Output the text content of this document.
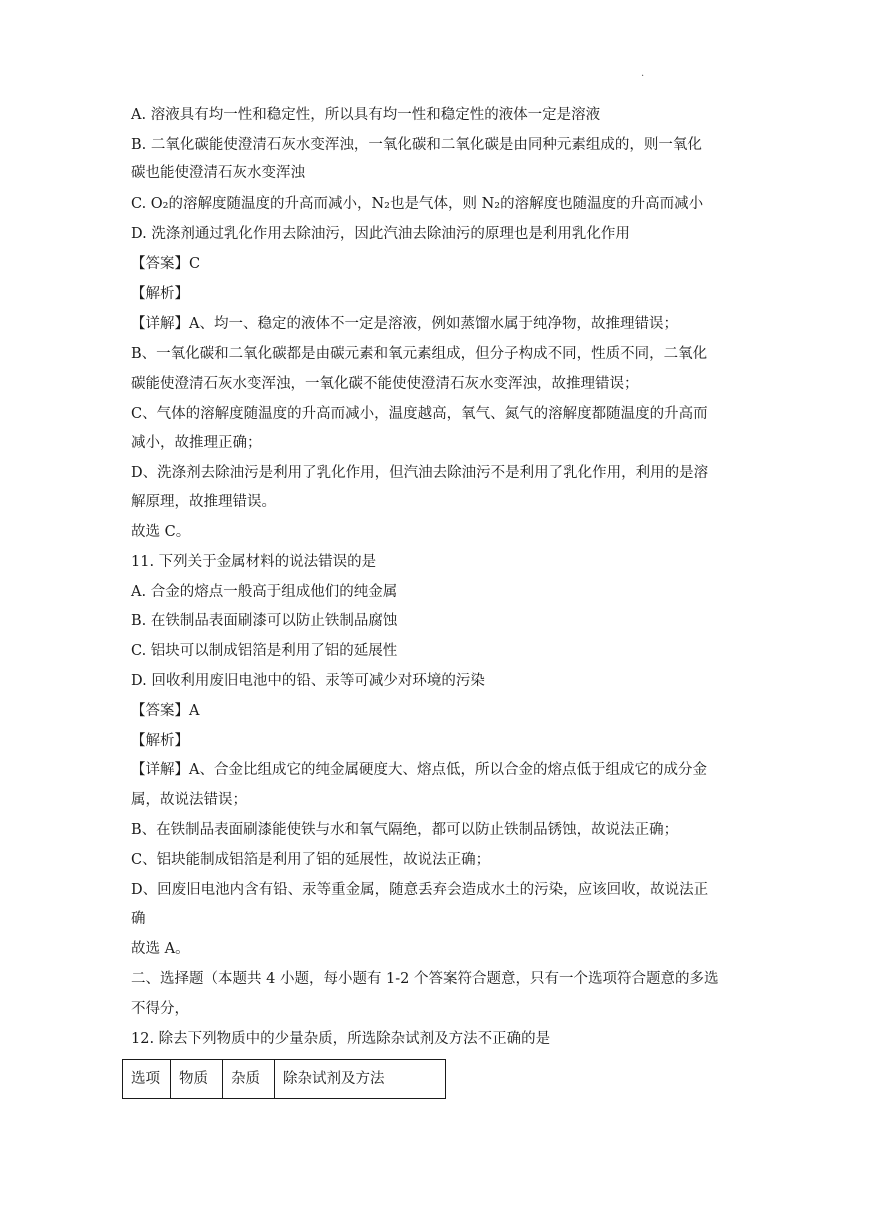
.
A. 溶液具有均一性和稳定性，所以具有均一性和稳定性的液体一定是溶液
B. 二氧化碳能使澄清石灰水变浑浊，一氧化碳和二氧化碳是由同种元素组成的，则一氧化
碳也能使澄清石灰水变浑浊
C. O₂的溶解度随温度的升高而减小，N₂也是气体，则 N₂的溶解度也随温度的升高而减小
D. 洗涤剂通过乳化作用去除油污，因此汽油去除油污的原理也是利用乳化作用
【答案】C
【解析】
【详解】A、均一、稳定的液体不一定是溶液，例如蒸馏水属于纯净物，故推理错误；
B、一氧化碳和二氧化碳都是由碳元素和氧元素组成，但分子构成不同，性质不同，二氧化
碳能使澄清石灰水变浑浊，一氧化碳不能使使澄清石灰水变浑浊，故推理错误；
C、气体的溶解度随温度的升高而减小，温度越高，氧气、氮气的溶解度都随温度的升高而
减小，故推理正确；
D、洗涤剂去除油污是利用了乳化作用，但汽油去除油污不是利用了乳化作用，利用的是溶
解原理，故推理错误。
故选 C。
11. 下列关于金属材料的说法错误的是
A. 合金的熔点一般高于组成他们的纯金属
B. 在铁制品表面刷漆可以防止铁制品腐蚀
C. 铝块可以制成铝箔是利用了铝的延展性
D. 回收利用废旧电池中的铅、汞等可减少对环境的污染
【答案】A
【解析】
【详解】A、合金比组成它的纯金属硬度大、熔点低，所以合金的熔点低于组成它的成分金
属，故说法错误；
B、在铁制品表面刷漆能使铁与水和氧气隔绝，都可以防止铁制品锈蚀，故说法正确；
C、铝块能制成铝箔是利用了铝的延展性，故说法正确；
D、回废旧电池内含有铅、汞等重金属，随意丢弃会造成水土的污染，应该回收，故说法正
确
故选 A。
二、选择题（本题共 4 小题，每小题有 1-2 个答案符合题意，只有一个选项符合题意的多选
不得分，
12. 除去下列物质中的少量杂质，所选除杂试剂及方法不正确的是
选项	物质	杂质	除杂试剂及方法
